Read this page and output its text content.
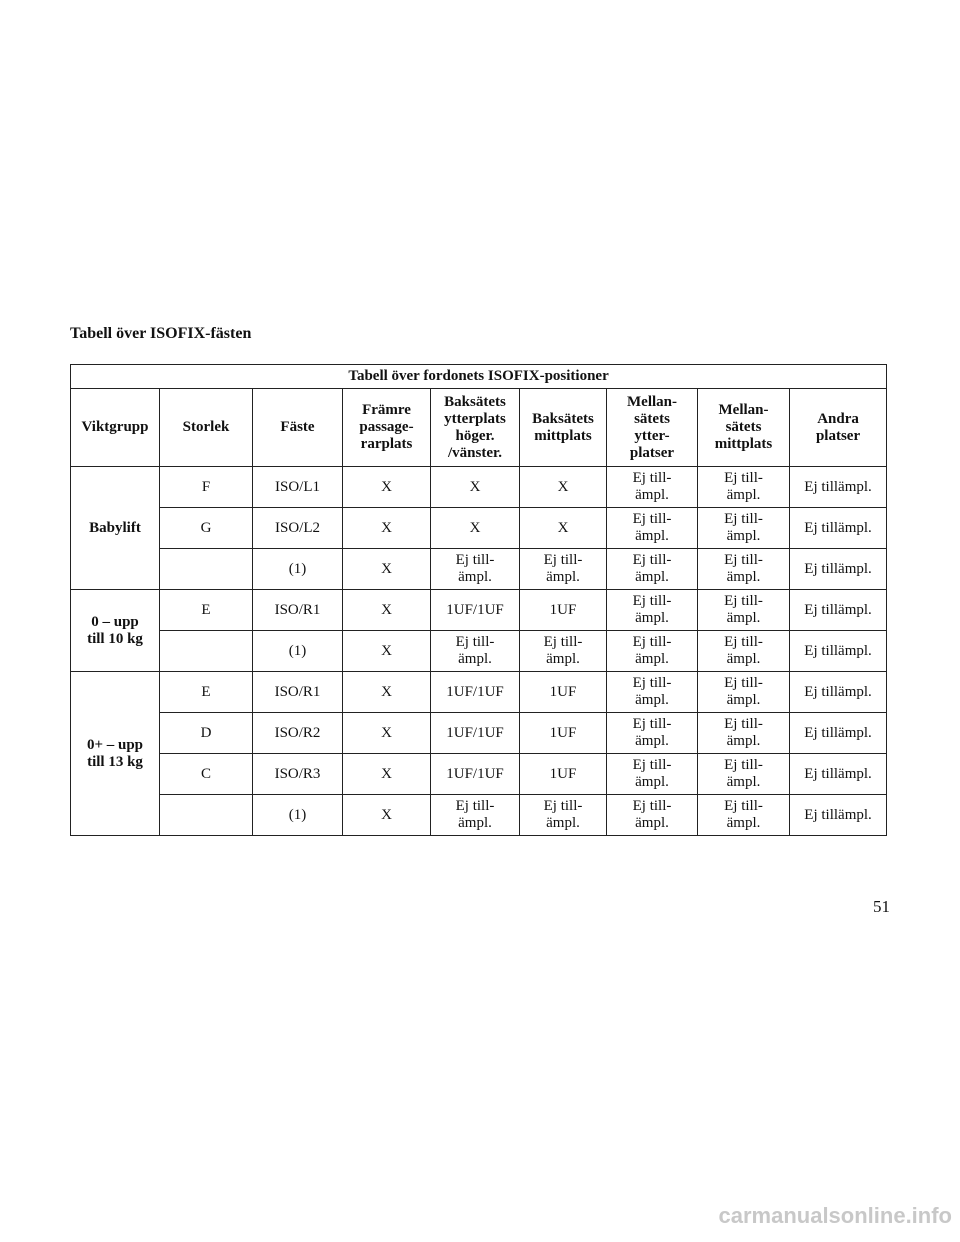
Tabell över ISOFIX-fästen
Tabell över fordonets ISOFIX-positioner								
Viktgrupp	Storlek	Fäste	Främre
passage-
rarplats	Baksätets
ytterplats
höger.
/vänster.	Baksätets
mittplats	Mellan-
sätets
ytter-
platser	Mellan-
sätets
mittplats	Andra
platser
Babylift	F	ISO/L1	X	X	X	Ej till-
ämpl.	Ej till-
ämpl.	Ej tillämpl.
	G	ISO/L2	X	X	X	Ej till-
ämpl.	Ej till-
ämpl.	Ej tillämpl.
		(1)	X	Ej till-
ämpl.	Ej till-
ämpl.	Ej till-
ämpl.	Ej till-
ämpl.	Ej tillämpl.
0 – upp
till 10 kg	E	ISO/R1	X	1UF/1UF	1UF	Ej till-
ämpl.	Ej till-
ämpl.	Ej tillämpl.
		(1)	X	Ej till-
ämpl.	Ej till-
ämpl.	Ej till-
ämpl.	Ej till-
ämpl.	Ej tillämpl.
0+ – upp
till 13 kg	E	ISO/R1	X	1UF/1UF	1UF	Ej till-
ämpl.	Ej till-
ämpl.	Ej tillämpl.
	D	ISO/R2	X	1UF/1UF	1UF	Ej till-
ämpl.	Ej till-
ämpl.	Ej tillämpl.
	C	ISO/R3	X	1UF/1UF	1UF	Ej till-
ämpl.	Ej till-
ämpl.	Ej tillämpl.
		(1)	X	Ej till-
ämpl.	Ej till-
ämpl.	Ej till-
ämpl.	Ej till-
ämpl.	Ej tillämpl.
51
carmanualsonline.info
